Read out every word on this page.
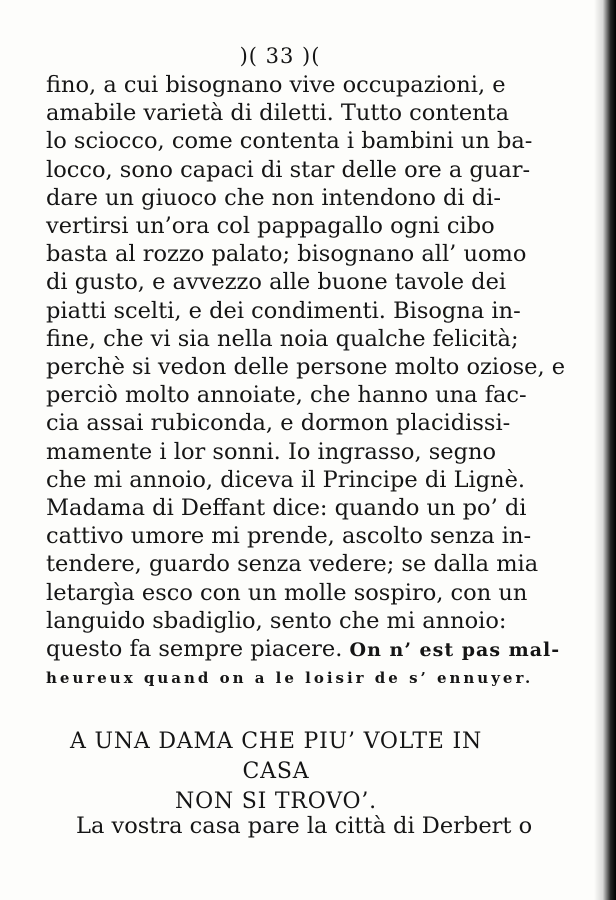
)( 33 )(
fino, a cui bisognano vive occupazioni, e
amabile varietà di diletti. Tutto contenta
lo sciocco, come contenta i bambini un ba-
locco, sono capaci di star delle ore a guar-
dare un giuoco che non intendono di di-
vertirsi un’ora col pappagallo ogni cibo
basta al rozzo palato; bisognano all’ uomo
di gusto, e avvezzo alle buone tavole dei
piatti scelti, e dei condimenti. Bisogna in-
fine, che vi sia nella noia qualche felicità;
perchè si vedon delle persone molto oziose, e
perciò molto annoiate, che hanno una fac-
cia assai rubiconda, e dormon placidissi-
mamente i lor sonni. Io ingrasso, segno
che mi annoio, diceva il Principe di Lignè.
Madama di Deffant dice: quando un po’ di
cattivo umore mi prende, ascolto senza in-
tendere, guardo senza vedere; se dalla mia
letargìa esco con un molle sospiro, con un
languido sbadiglio, sento che mi annoio:
questo fa sempre piacere. On n’ est pas mal-
heureux quand on a le loisir de s’ ennuyer.
A UNA DAMA CHE PIU’ VOLTE IN CASA
NON SI TROVO’.
La vostra casa pare la città di Derbert o
